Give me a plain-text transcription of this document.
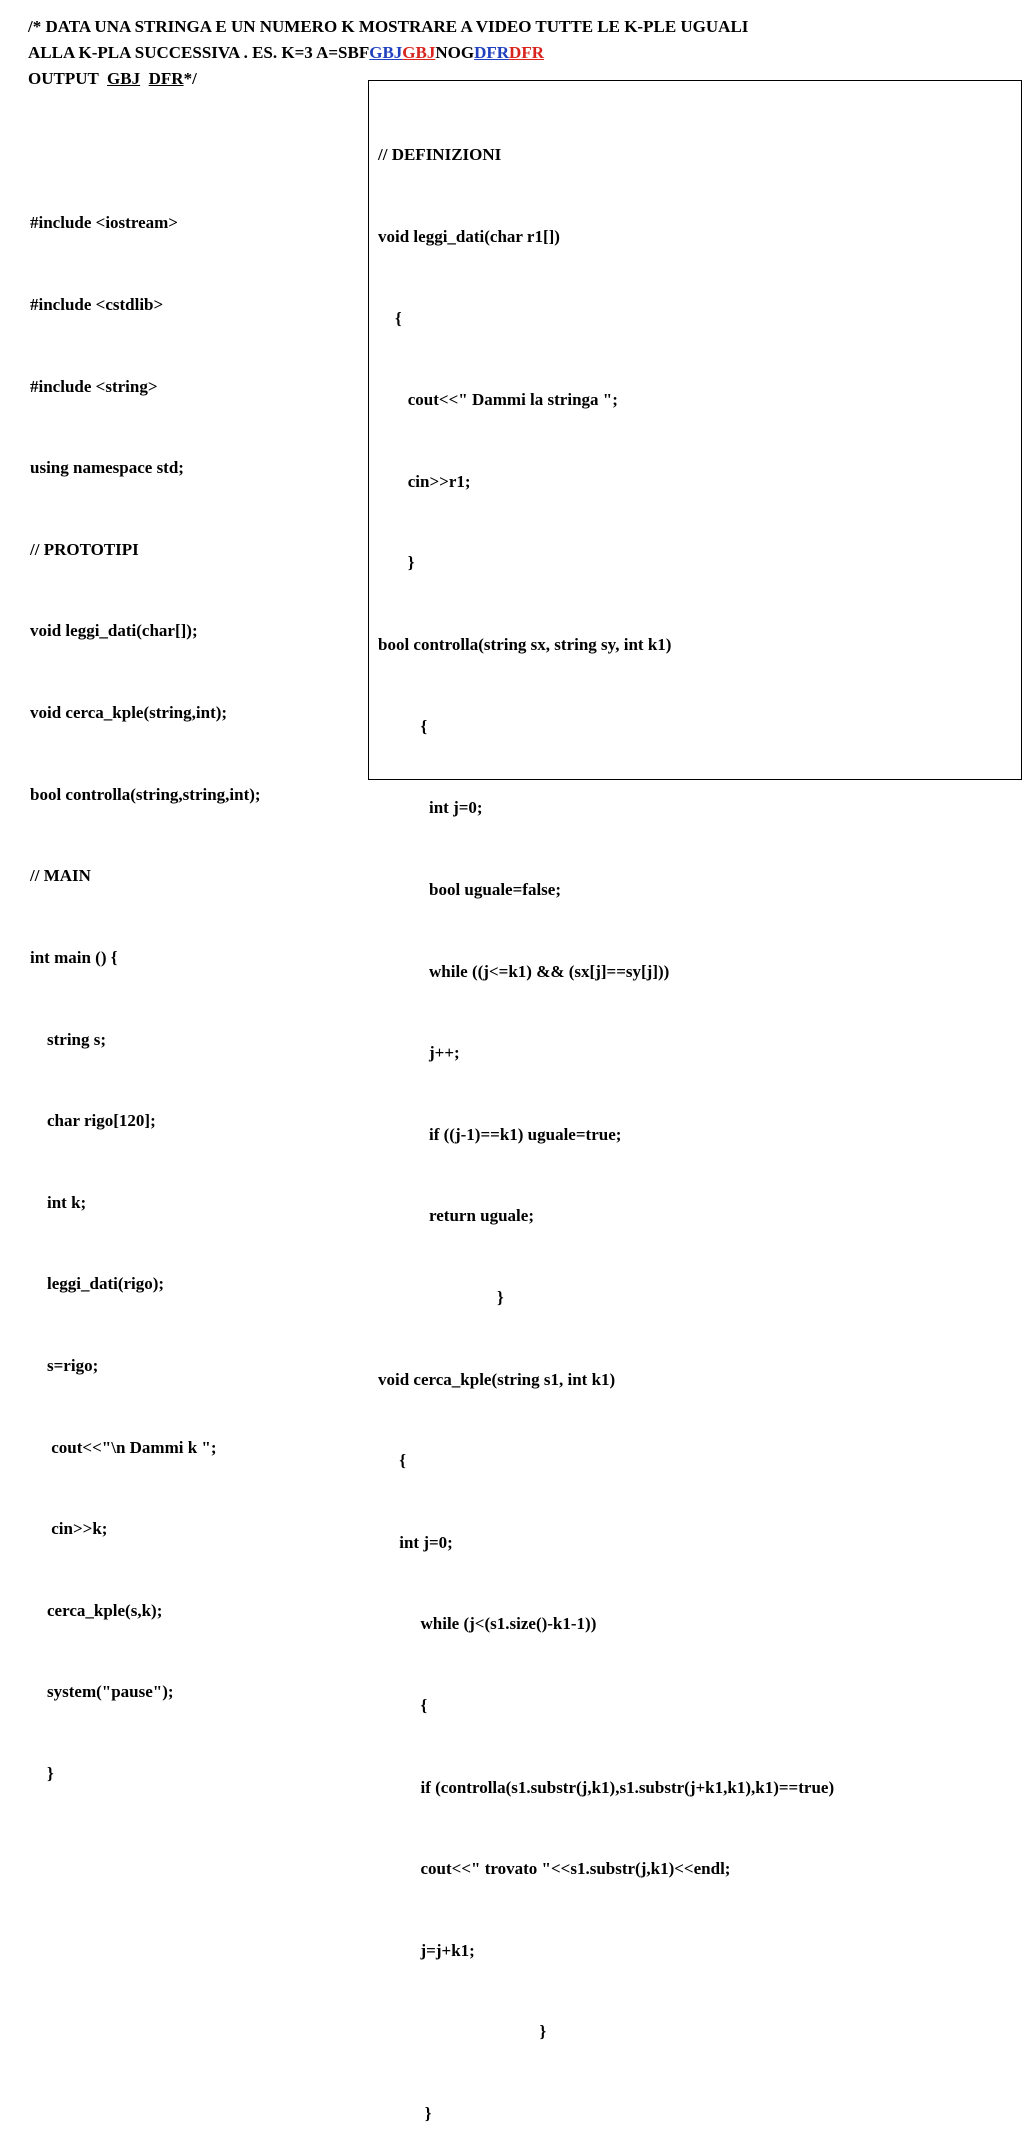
/* DATA UNA STRINGA E UN NUMERO K MOSTRARE A VIDEO TUTTE LE K-PLE UGUALI
ALLA K-PLA SUCCESSIVA . ES. K=3 A=SBFGBJGBJNOGDFRDFR
OUTPUT  GBJ DFR*/

#include <iostream>

#include <cstdlib>

#include <string>

using namespace std;

// PROTOTIPI

void leggi_dati(char[]);

void cerca_kple(string,int);

bool controlla(string,string,int);

// MAIN

int main () {

string s;

char rigo[120];

int k;

leggi_dati(rigo);

s=rigo;

cout<<"\n Dammi k ";

cin>>k;

cerca_kple(s,k);

system("pause");

}

// DEFINIZIONI

void leggi_dati(char r1[])

{

cout<<" Dammi la stringa ";

cin>>r1;

}

bool controlla(string sx, string sy, int k1)

{

int j=0;

bool uguale=false;

while ((j<=k1) && (sx[j]==sy[j]))

j++;

if ((j-1)==k1) uguale=true;

return uguale;

}

void cerca_kple(string s1, int k1)

{

int j=0;

while (j<(s1.size()-k1-1))

{

if (controlla(s1.substr(j,k1),s1.substr(j+k1,k1),k1)==true)

cout<<" trovato "<<s1.substr(j,k1)<<endl;

j=j+k1;

}

}
